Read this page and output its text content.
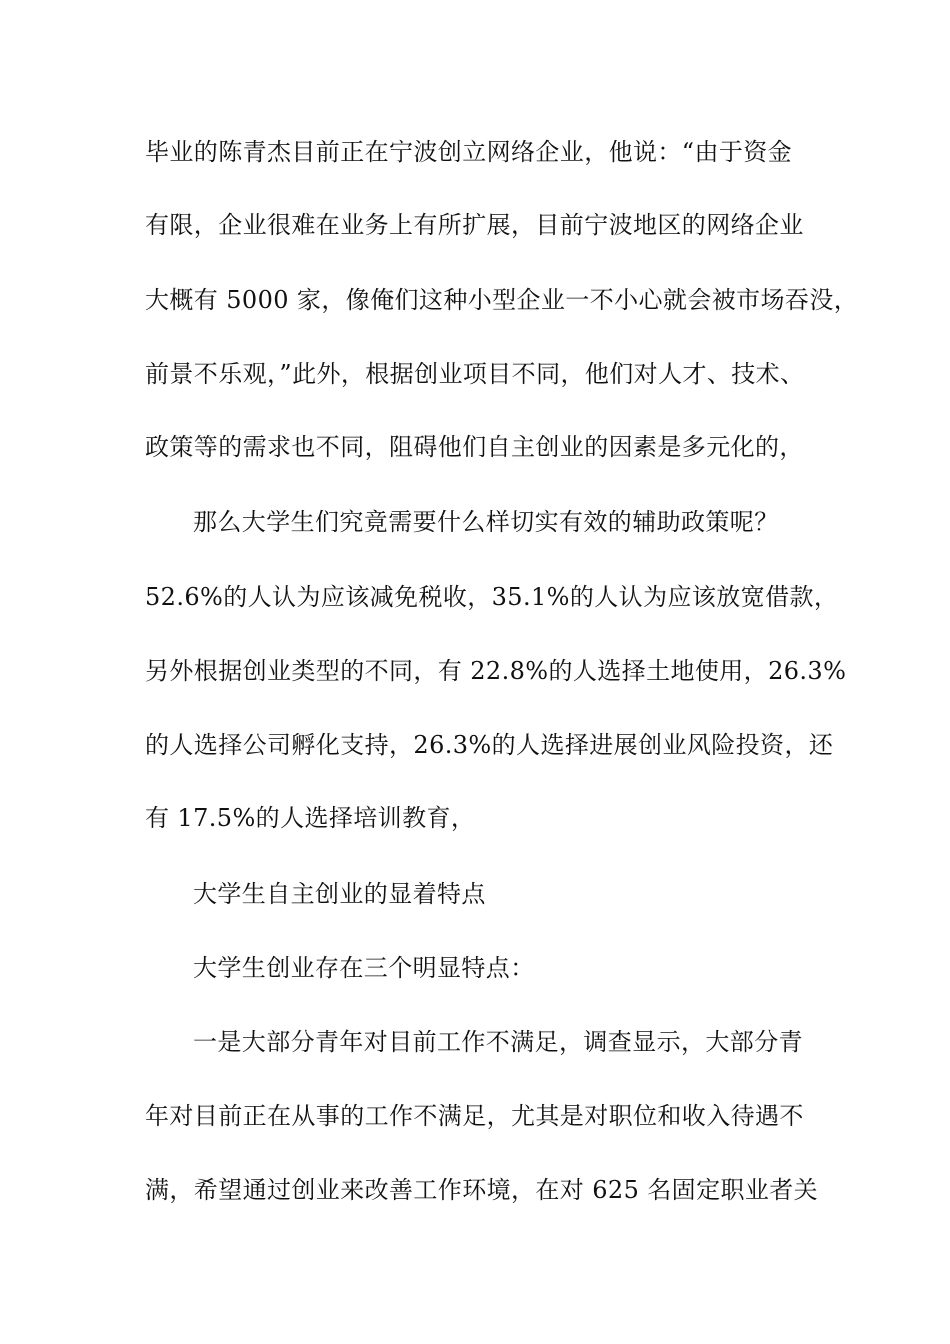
毕业的陈青杰目前正在宁波创立网络企业，他说：“由于资金
有限，企业很难在业务上有所扩展，目前宁波地区的网络企业
大概有 5000 家，像俺们这种小型企业一不小心就会被市场吞没，
前景不乐观，”此外，根据创业项目不同，他们对人才、技术、
政策等的需求也不同，阻碍他们自主创业的因素是多元化的，
那么大学生们究竟需要什么样切实有效的辅助政策呢？
52.6%的人认为应该减免税收，35.1%的人认为应该放宽借款，
另外根据创业类型的不同，有 22.8%的人选择土地使用，26.3%
的人选择公司孵化支持，26.3%的人选择进展创业风险投资，还
有 17.5%的人选择培训教育，
大学生自主创业的显着特点
大学生创业存在三个明显特点：
一是大部分青年对目前工作不满足，调查显示，大部分青
年对目前正在从事的工作不满足，尤其是对职位和收入待遇不
满，希望通过创业来改善工作环境，在对 625 名固定职业者关
